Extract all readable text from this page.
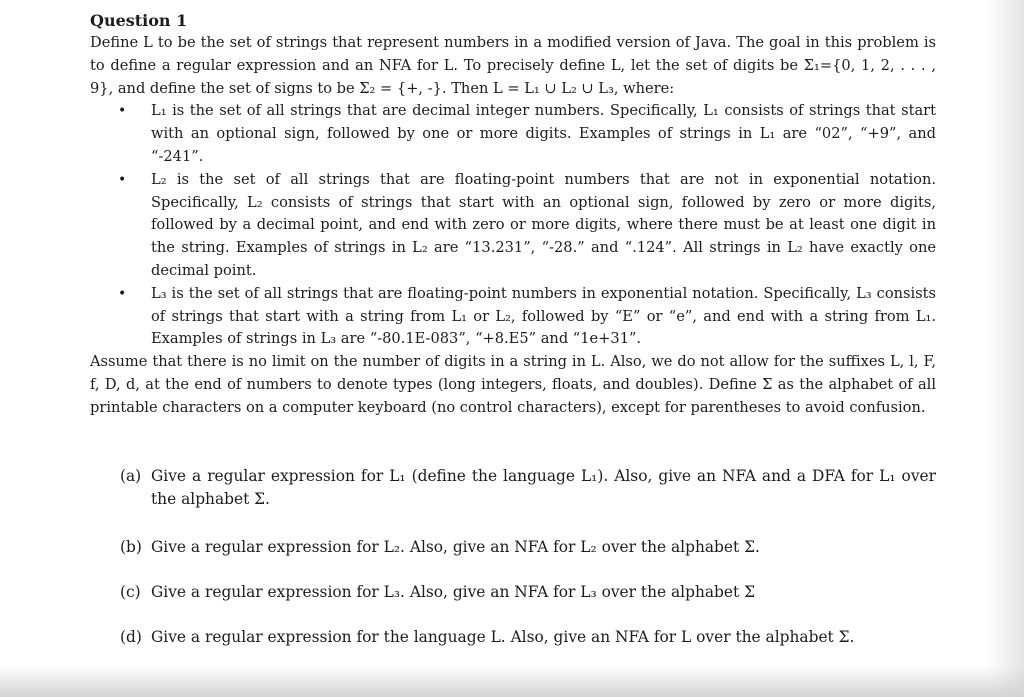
Question 1

Define L to be the set of strings that represent numbers in a modified version of Java. The goal in this problem is to define a regular expression and an NFA for L. To precisely define L, let the set of digits be Σ₁={0, 1, 2, . . . , 9}, and define the set of signs to be Σ₂ = {+, -}. Then L = L₁ ∪ L₂ ∪ L₃, where:

• L₁ is the set of all strings that are decimal integer numbers. Specifically, L₁ consists of strings that start with an optional sign, followed by one or more digits. Examples of strings in L₁ are “02”, “+9”, and “-241”.
• L₂ is the set of all strings that are floating-point numbers that are not in exponential notation. Specifically, L₂ consists of strings that start with an optional sign, followed by zero or more digits, followed by a decimal point, and end with zero or more digits, where there must be at least one digit in the string. Examples of strings in L₂ are “13.231”, “-28.” and “.124”. All strings in L₂ have exactly one decimal point.
• L₃ is the set of all strings that are floating-point numbers in exponential notation. Specifically, L₃ consists of strings that start with a string from L₁ or L₂, followed by “E” or “e”, and end with a string from L₁. Examples of strings in L₃ are “-80.1E-083”, “+8.E5” and “1e+31”.

Assume that there is no limit on the number of digits in a string in L. Also, we do not allow for the suffixes L, l, F, f, D, d, at the end of numbers to denote types (long integers, floats, and doubles). Define Σ as the alphabet of all printable characters on a computer keyboard (no control characters), except for parentheses to avoid confusion.

(a) Give a regular expression for L₁ (define the language L₁). Also, give an NFA and a DFA for L₁ over the alphabet Σ.
(b) Give a regular expression for L₂. Also, give an NFA for L₂ over the alphabet Σ.
(c) Give a regular expression for L₃. Also, give an NFA for L₃ over the alphabet Σ
(d) Give a regular expression for the language L. Also, give an NFA for L over the alphabet Σ.
